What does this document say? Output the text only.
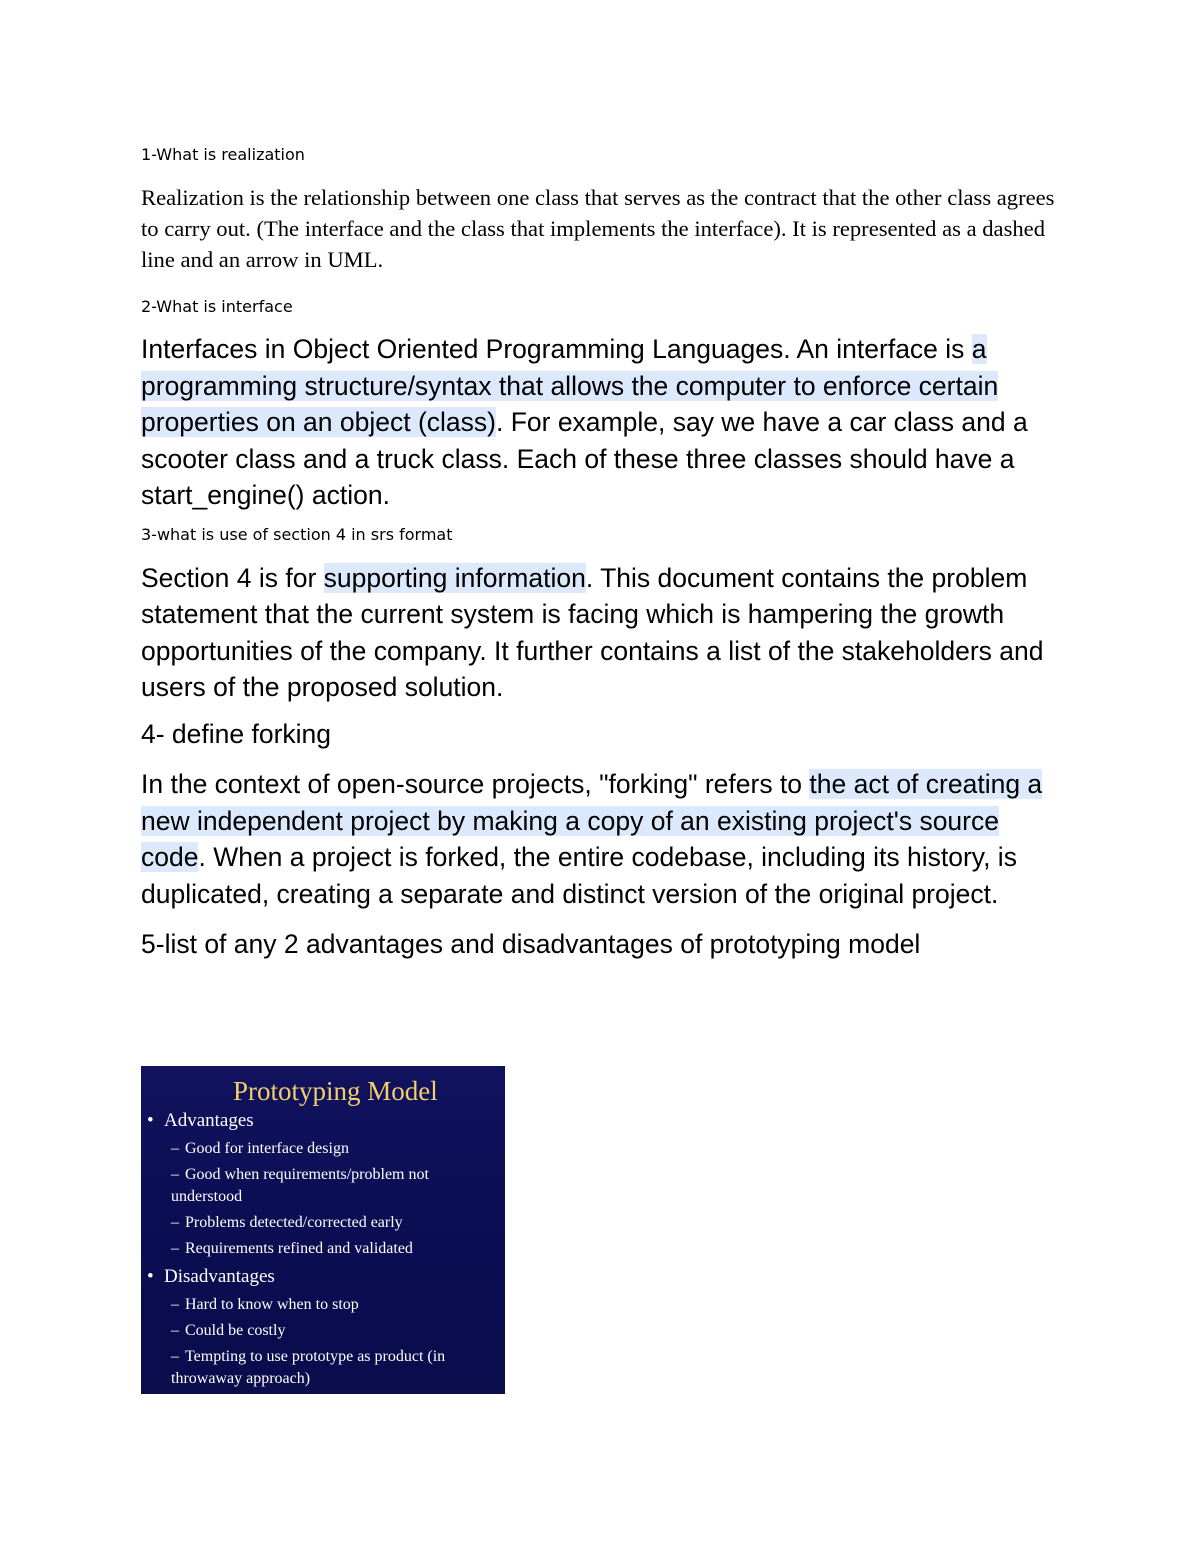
1-What is realization

Realization is the relationship between one class that serves as the contract that the other class agrees to carry out. (The interface and the class that implements the interface). It is represented as a dashed line and an arrow in UML.

2-What is interface

Interfaces in Object Oriented Programming Languages. An interface is a programming structure/syntax that allows the computer to enforce certain properties on an object (class). For example, say we have a car class and a scooter class and a truck class. Each of these three classes should have a start_engine() action.

3-what is use of section 4 in srs format

Section 4 is for supporting information. This document contains the problem statement that the current system is facing which is hampering the growth opportunities of the company. It further contains a list of the stakeholders and users of the proposed solution.

4- define forking

In the context of open-source projects, "forking" refers to the act of creating a new independent project by making a copy of an existing project's source code. When a project is forked, the entire codebase, including its history, is duplicated, creating a separate and distinct version of the original project.

5-list of any 2 advantages and disadvantages of prototyping model

Prototyping Model
• Advantages
– Good for interface design
– Good when requirements/problem not
understood
– Problems detected/corrected early
– Requirements refined and validated
• Disadvantages
– Hard to know when to stop
– Could be costly
– Tempting to use prototype as product (in
throwaway approach)
